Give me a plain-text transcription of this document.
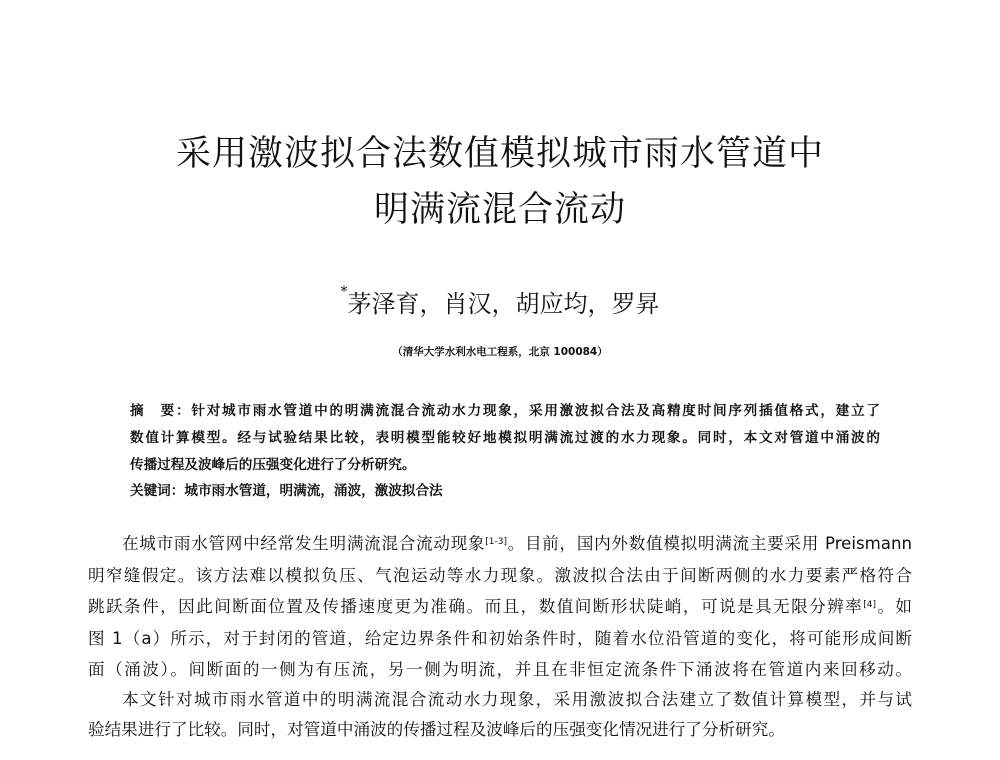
采用激波拟合法数值模拟城市雨水管道中
明满流混合流动
*茅泽育，肖汉，胡应均，罗昇
（清华大学水利水电工程系，北京 100084）
摘　要：针对城市雨水管道中的明满流混合流动水力现象，采用激波拟合法及高精度时间序列插值格式，建立了
数值计算模型。经与试验结果比较，表明模型能较好地模拟明满流过渡的水力现象。同时，本文对管道中涌波的
传播过程及波峰后的压强变化进行了分析研究。
关键词：城市雨水管道，明满流，涌波，激波拟合法
在城市雨水管网中经常发生明满流混合流动现象[1-3]。目前，国内外数值模拟明满流主要采用 Preismann
明窄缝假定。该方法难以模拟负压、气泡运动等水力现象。激波拟合法由于间断两侧的水力要素严格符合
跳跃条件，因此间断面位置及传播速度更为准确。而且，数值间断形状陡峭，可说是具无限分辨率[4]。如
图 1（a）所示，对于封闭的管道，给定边界条件和初始条件时，随着水位沿管道的变化，将可能形成间断
面（涌波）。间断面的一侧为有压流，另一侧为明流，并且在非恒定流条件下涌波将在管道内来回移动。
本文针对城市雨水管道中的明满流混合流动水力现象，采用激波拟合法建立了数值计算模型，并与试
验结果进行了比较。同时，对管道中涌波的传播过程及波峰后的压强变化情况进行了分析研究。
